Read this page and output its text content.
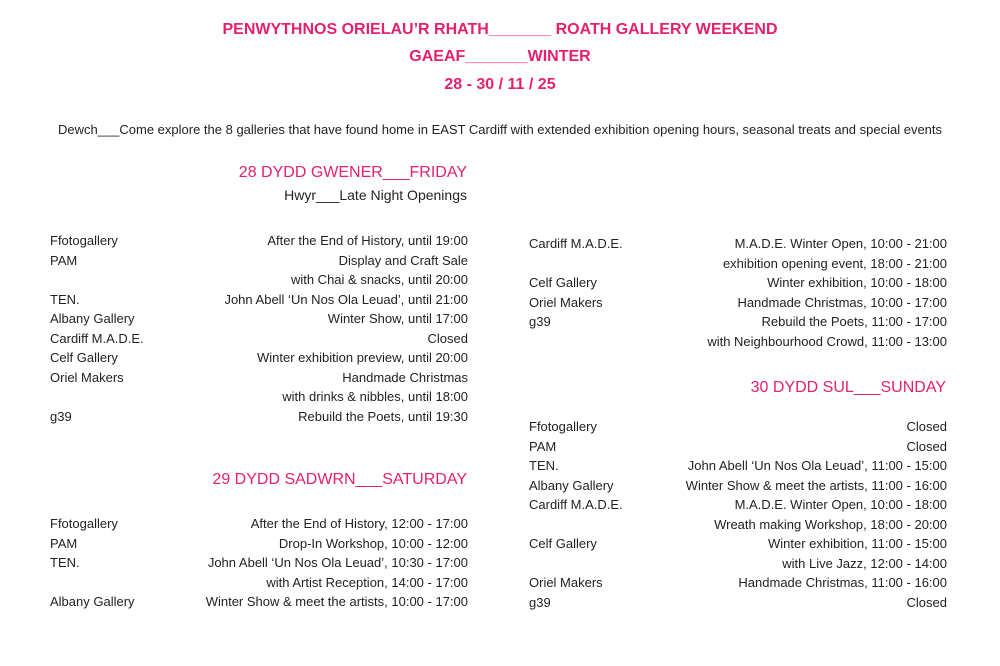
PENWYTHNOS ORIELAU’R RHATH_______ ROATH GALLERY WEEKEND
GAEAF_______WINTER
28 - 30 / 11 / 25
Dewch___Come explore the 8 galleries that have found home in EAST Cardiff with extended exhibition opening hours, seasonal treats and special events
28 DYDD GWENER___FRIDAY
Hwyr___Late Night Openings
Ffotogallery	After the End of History, until 19:00
PAM	Display and Craft Sale
with Chai & snacks, until 20:00
TEN.	John Abell ‘Un Nos Ola Leuad’, until 21:00
Albany Gallery	Winter Show, until 17:00
Cardiff M.A.D.E.	Closed
Celf Gallery	Winter exhibition preview, until 20:00
Oriel Makers	Handmade Christmas
with drinks & nibbles, until 18:00
g39	Rebuild the Poets, until 19:30
29 DYDD SADWRN___SATURDAY
Ffotogallery	After the End of History, 12:00 - 17:00
PAM	Drop-In Workshop, 10:00 - 12:00
TEN.	John Abell ‘Un Nos Ola Leuad’, 10:30 - 17:00
with Artist Reception, 14:00 - 17:00
Albany Gallery	Winter Show & meet the artists, 10:00 - 17:00
Cardiff M.A.D.E.	M.A.D.E. Winter Open, 10:00 - 21:00
exhibition opening event, 18:00 - 21:00
Celf Gallery	Winter exhibition, 10:00 - 18:00
Oriel Makers	Handmade Christmas, 10:00 - 17:00
g39	Rebuild the Poets, 11:00 - 17:00
with Neighbourhood Crowd, 11:00 - 13:00
30 DYDD SUL___SUNDAY
Ffotogallery	Closed
PAM	Closed
TEN.	John Abell ‘Un Nos Ola Leuad’, 11:00 - 15:00
Albany Gallery	Winter Show & meet the artists, 11:00 - 16:00
Cardiff M.A.D.E.	M.A.D.E. Winter Open, 10:00 - 18:00
Wreath making Workshop, 18:00 - 20:00
Celf Gallery	Winter exhibition, 11:00 - 15:00
with Live Jazz, 12:00 - 14:00
Oriel Makers	Handmade Christmas, 11:00 - 16:00
g39	Closed
